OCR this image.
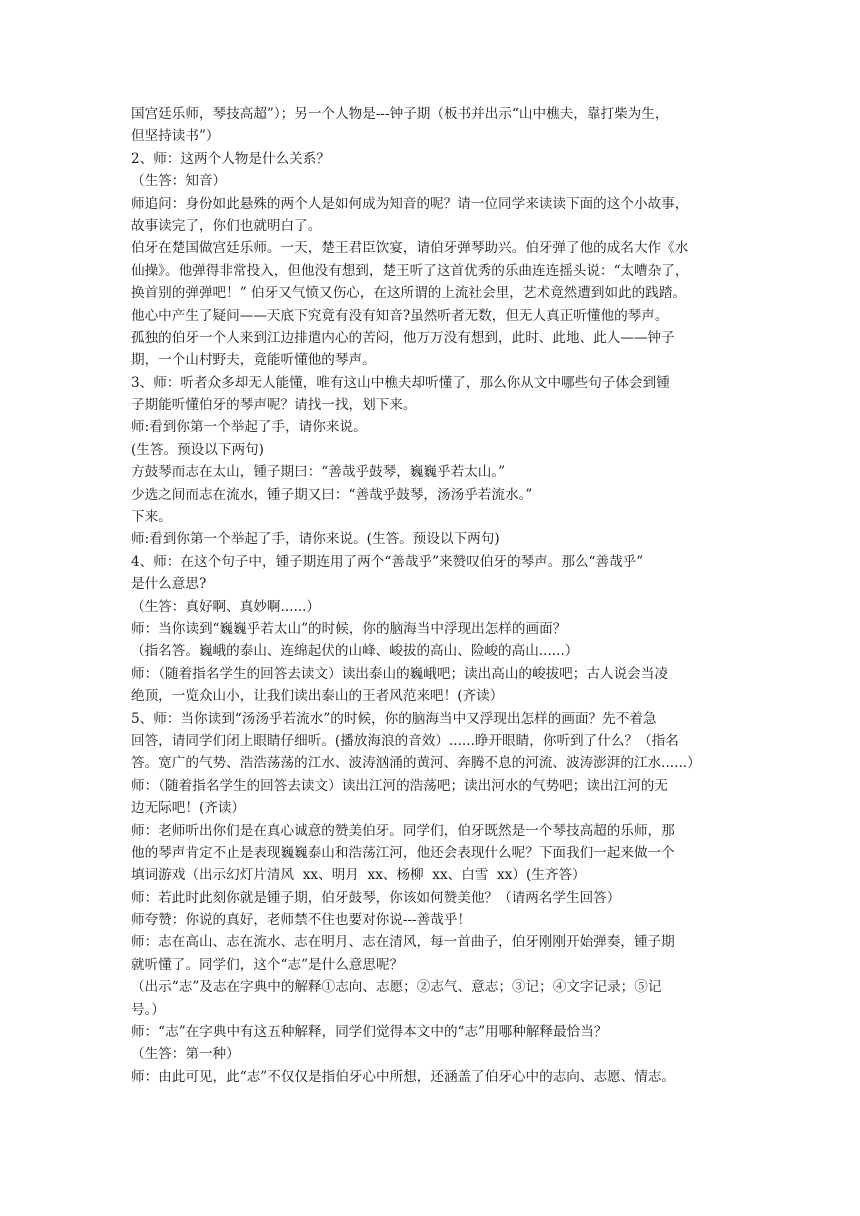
国宫廷乐师，琴技高超”）；另一个人物是---钟子期（板书并出示“山中樵夫，靠打柴为生，
但坚持读书”）
2、师：这两个人物是什么关系？
（生答：知音）
师追问：身份如此悬殊的两个人是如何成为知音的呢？请一位同学来读读下面的这个小故事，
故事读完了，你们也就明白了。
伯牙在楚国做宫廷乐师。一天，楚王君臣饮宴，请伯牙弹琴助兴。伯牙弹了他的成名大作《水
仙操》。他弹得非常投入，但他没有想到，楚王听了这首优秀的乐曲连连摇头说：“太嘈杂了，
换首别的弹弹吧！” 伯牙又气愤又伤心，在这所谓的上流社会里，艺术竟然遭到如此的践踏。
他心中产生了疑问——天底下究竟有没有知音?虽然听者无数，但无人真正听懂他的琴声。
孤独的伯牙一个人来到江边排遣内心的苦闷，他万万没有想到，此时、此地、此人——钟子
期，一个山村野夫，竟能听懂他的琴声。
3、师：听者众多却无人能懂，唯有这山中樵夫却听懂了，那么你从文中哪些句子体会到锺
子期能听懂伯牙的琴声呢？请找一找，划下来。
师:看到你第一个举起了手，请你来说。
(生答。预设以下两句)
方鼓琴而志在太山，锺子期曰：“善哉乎鼓琴，巍巍乎若太山。”
少选之间而志在流水，锺子期又曰：“善哉乎鼓琴，汤汤乎若流水。”
下来。
师:看到你第一个举起了手，请你来说。(生答。预设以下两句)
4、师：在这个句子中，锺子期连用了两个“善哉乎”来赞叹伯牙的琴声。那么“善哉乎”
是什么意思?
（生答：真好啊、真妙啊......）
师：当你读到“巍巍乎若太山”的时候，你的脑海当中浮现出怎样的画面？
（指名答。巍峨的泰山、连绵起伏的山峰、峻拔的高山、险峻的高山......）
师：（随着指名学生的回答去读文）读出泰山的巍峨吧；读出高山的峻拔吧；古人说会当凌
绝顶，一览众山小，让我们读出泰山的王者风范来吧！(齐读）
5、师：当你读到“汤汤乎若流水”的时候，你的脑海当中又浮现出怎样的画面？先不着急
回答，请同学们闭上眼睛仔细听。(播放海浪的音效）......睁开眼睛，你听到了什么？（指名
答。宽广的气势、浩浩荡荡的江水、波涛汹涌的黄河、奔腾不息的河流、波涛澎湃的江水......）
师：（随着指名学生的回答去读文）读出江河的浩荡吧；读出河水的气势吧；读出江河的无
边无际吧！(齐读）
师：老师听出你们是在真心诚意的赞美伯牙。同学们，伯牙既然是一个琴技高超的乐师，那
他的琴声肯定不止是表现巍巍泰山和浩荡江河，他还会表现什么呢？下面我们一起来做一个
填词游戏（出示幻灯片清风  xx、明月  xx、杨柳  xx、白雪  xx）(生齐答）
师：若此时此刻你就是锺子期，伯牙鼓琴，你该如何赞美他？（请两名学生回答）
师夸赞：你说的真好，老师禁不住也要对你说---善哉乎！
师：志在高山、志在流水、志在明月、志在清风，每一首曲子，伯牙刚刚开始弹奏，锺子期
就听懂了。同学们，这个“志”是什么意思呢？
（出示“志”及志在字典中的解释①志向、志愿；②志气、意志；③记；④文字记录；⑤记
号。）
师：“志”在字典中有这五种解释，同学们觉得本文中的“志”用哪种解释最恰当？
（生答：第一种）
师：由此可见，此“志”不仅仅是指伯牙心中所想，还涵盖了伯牙心中的志向、志愿、情志。
